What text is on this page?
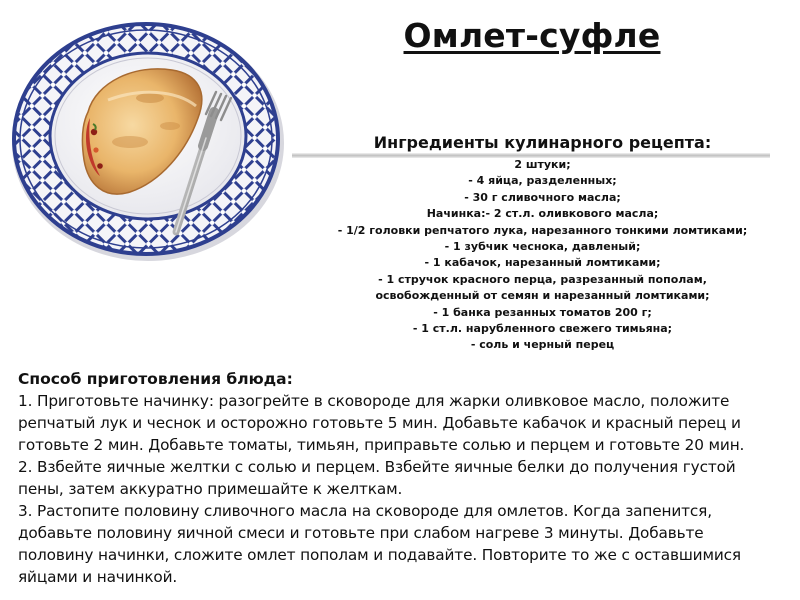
Омлет-суфле
Ингредиенты кулинарного рецепта:
2 штуки;
- 4 яйца, разделенных;
- 30 г сливочного масла;
Начинка:- 2 ст.л. оливкового масла;
- 1/2 головки репчатого лука, нарезанного тонкими ломтиками;
- 1 зубчик чеснока, давленый;
- 1 кабачок, нарезанный ломтиками;
- 1 стручок красного перца, разрезанный пополам,
освобожденный от семян и нарезанный ломтиками;
- 1 банка резанных томатов 200 г;
- 1 ст.л. нарубленного свежего тимьяна;
- соль и черный перец
Способ приготовления блюда:
1. Приготовьте начинку: разогрейте в сковороде для жарки оливковое масло, положите репчатый лук и чеснок и осторожно готовьте 5 мин. Добавьте кабачок и красный перец и готовьте 2 мин. Добавьте томаты, тимьян, приправьте солью и перцем и готовьте 20 мин.
2. Взбейте яичные желтки с солью и перцем. Взбейте яичные белки до получения густой пены, затем аккуратно примешайте к желткам.
3. Растопите половину сливочного масла на сковороде для омлетов. Когда запенится, добавьте половину яичной смеси и готовьте при слабом нагреве 3 минуты. Добавьте половину начинки, сложите омлет пополам и подавайте. Повторите то же с оставшимися яйцами и начинкой.
